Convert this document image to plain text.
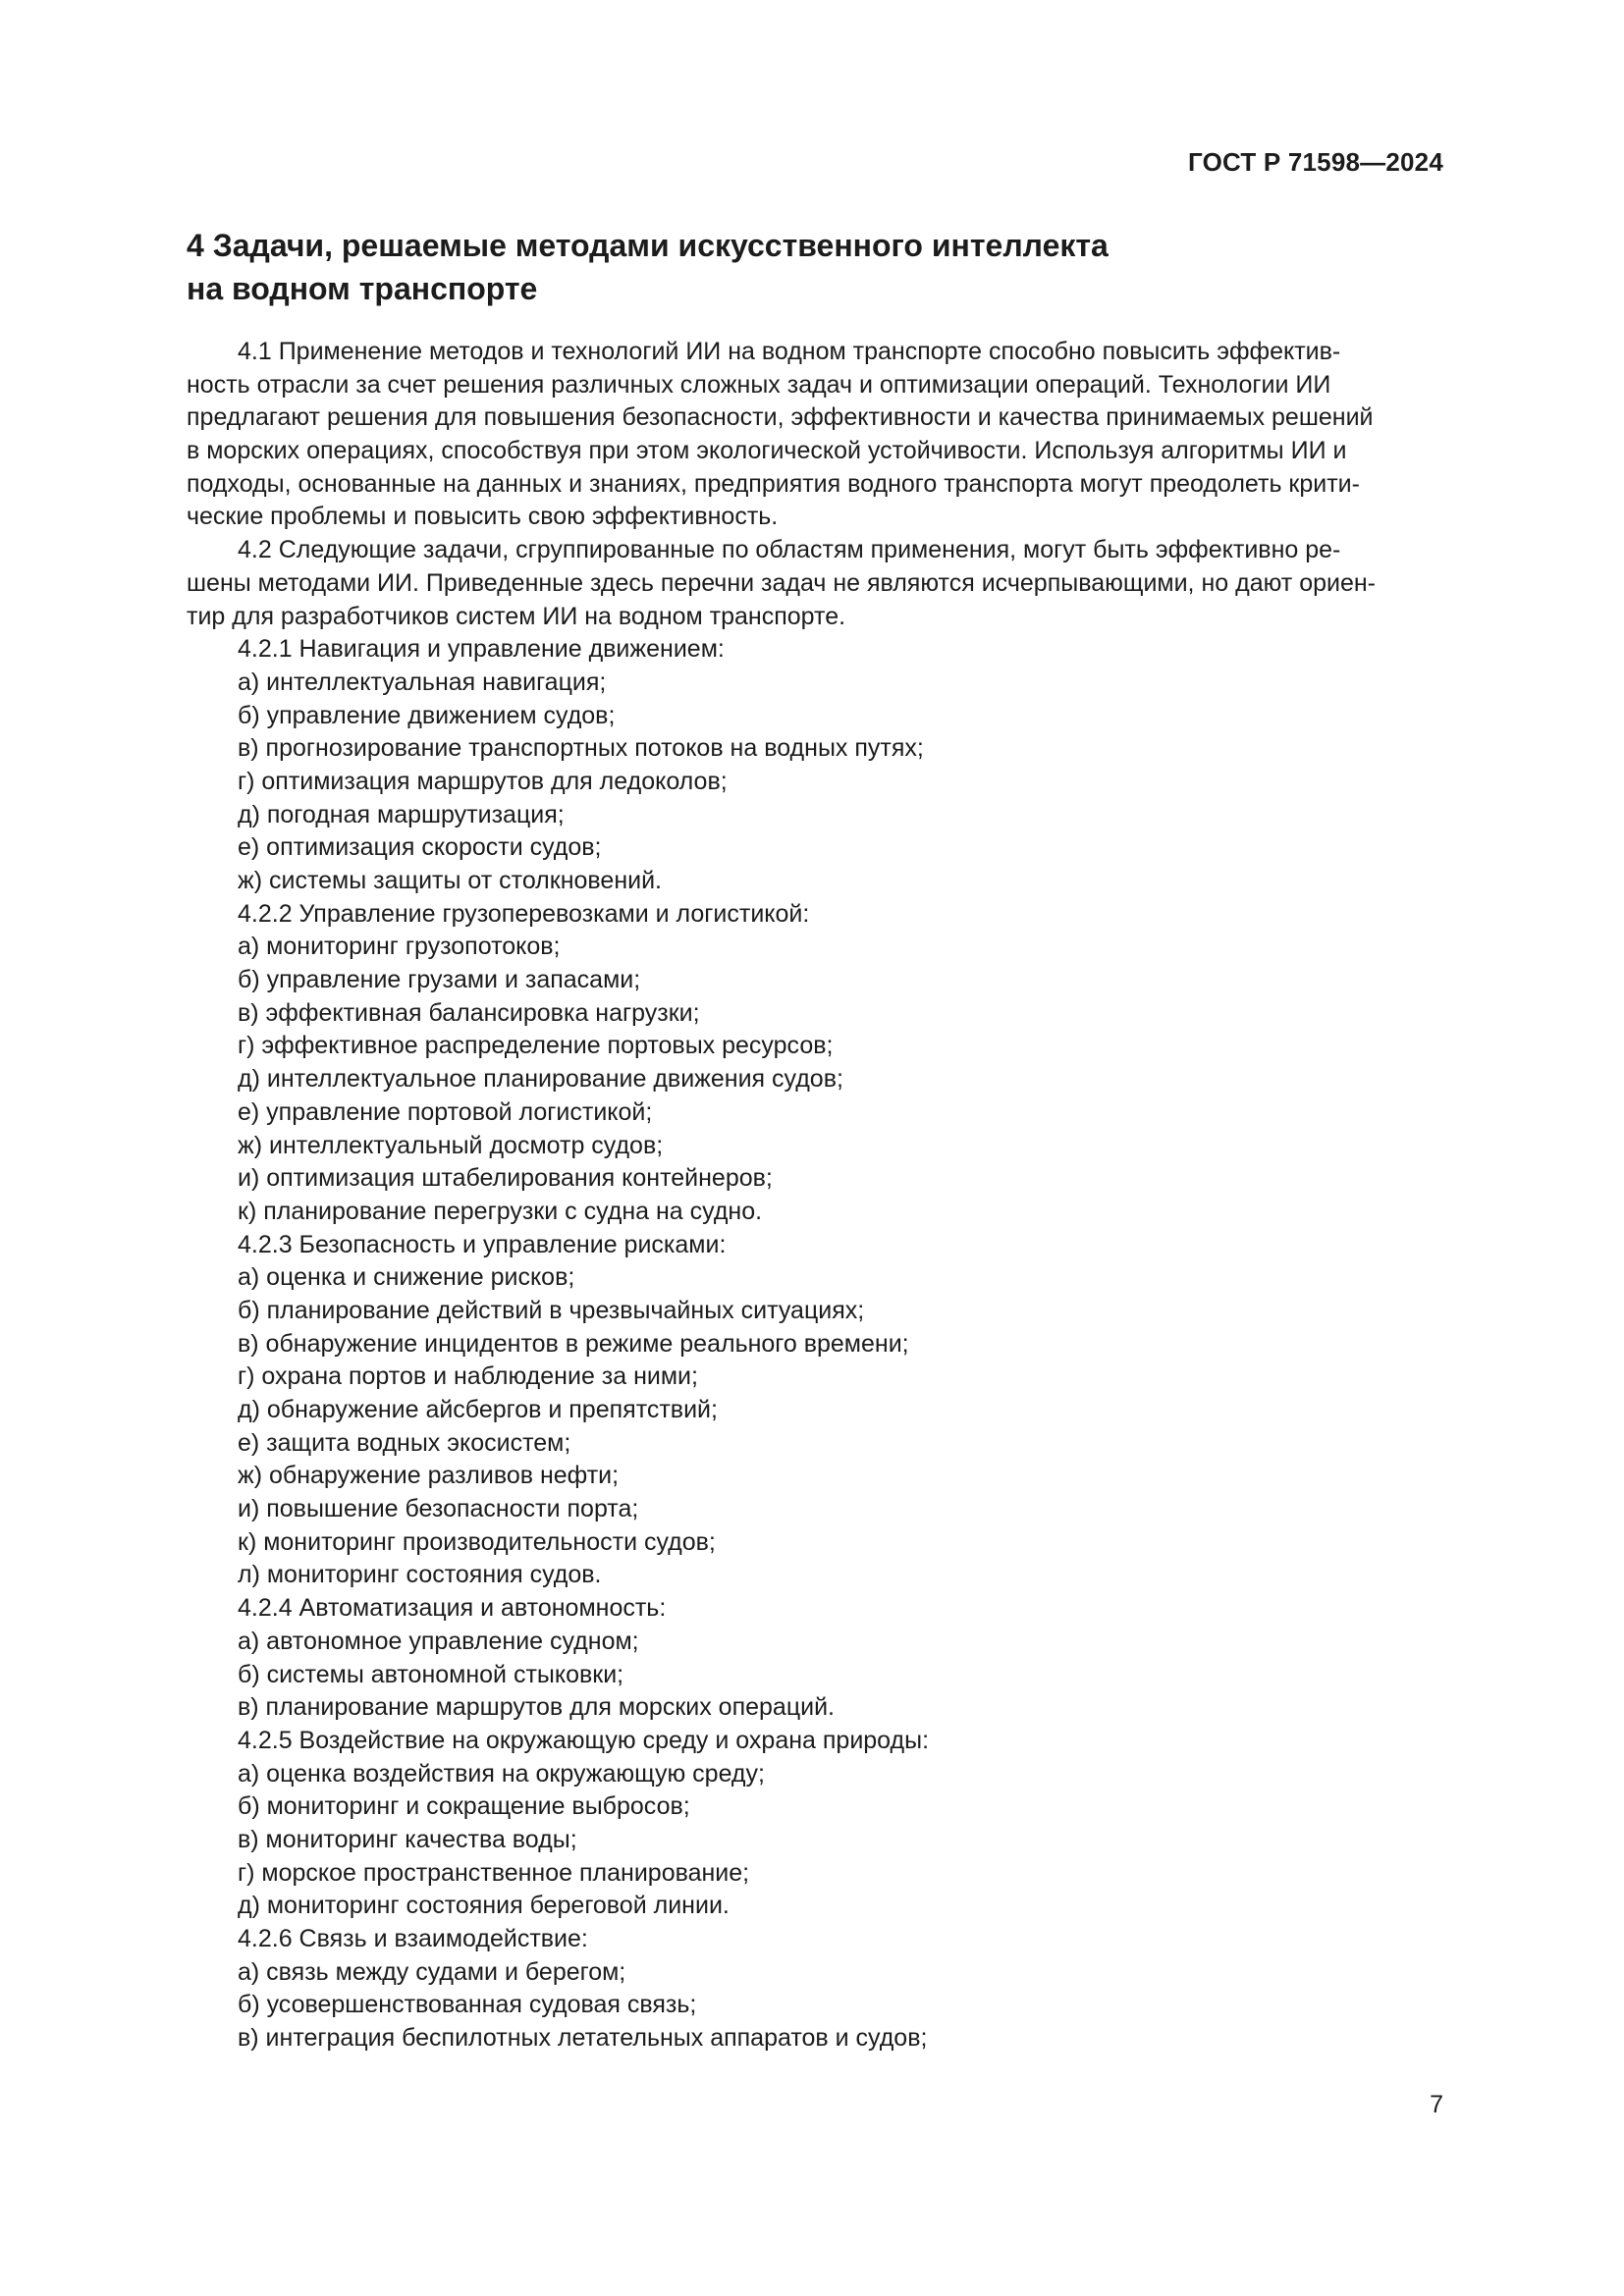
ГОСТ Р 71598—2024
4 Задачи, решаемые методами искусственного интеллекта
на водном транспорте
4.1 Применение методов и технологий ИИ на водном транспорте способно повысить эффектив-
ность отрасли за счет решения различных сложных задач и оптимизации операций. Технологии ИИ
предлагают решения для повышения безопасности, эффективности и качества принимаемых решений
в морских операциях, способствуя при этом экологической устойчивости. Используя алгоритмы ИИ и
подходы, основанные на данных и знаниях, предприятия водного транспорта могут преодолеть крити-
ческие проблемы и повысить свою эффективность.
4.2 Следующие задачи, сгруппированные по областям применения, могут быть эффективно ре-
шены методами ИИ. Приведенные здесь перечни задач не являются исчерпывающими, но дают ориен-
тир для разработчиков систем ИИ на водном транспорте.
4.2.1 Навигация и управление движением:
а) интеллектуальная навигация;
б) управление движением судов;
в) прогнозирование транспортных потоков на водных путях;
г) оптимизация маршрутов для ледоколов;
д) погодная маршрутизация;
е) оптимизация скорости судов;
ж) системы защиты от столкновений.
4.2.2 Управление грузоперевозками и логистикой:
а) мониторинг грузопотоков;
б) управление грузами и запасами;
в) эффективная балансировка нагрузки;
г) эффективное распределение портовых ресурсов;
д) интеллектуальное планирование движения судов;
е) управление портовой логистикой;
ж) интеллектуальный досмотр судов;
и) оптимизация штабелирования контейнеров;
к) планирование перегрузки с судна на судно.
4.2.3 Безопасность и управление рисками:
а) оценка и снижение рисков;
б) планирование действий в чрезвычайных ситуациях;
в) обнаружение инцидентов в режиме реального времени;
г) охрана портов и наблюдение за ними;
д) обнаружение айсбергов и препятствий;
е) защита водных экосистем;
ж) обнаружение разливов нефти;
и) повышение безопасности порта;
к) мониторинг производительности судов;
л) мониторинг состояния судов.
4.2.4 Автоматизация и автономность:
а) автономное управление судном;
б) системы автономной стыковки;
в) планирование маршрутов для морских операций.
4.2.5 Воздействие на окружающую среду и охрана природы:
а) оценка воздействия на окружающую среду;
б) мониторинг и сокращение выбросов;
в) мониторинг качества воды;
г) морское пространственное планирование;
д) мониторинг состояния береговой линии.
4.2.6 Связь и взаимодействие:
а) связь между судами и берегом;
б) усовершенствованная судовая связь;
в) интеграция беспилотных летательных аппаратов и судов;
7
